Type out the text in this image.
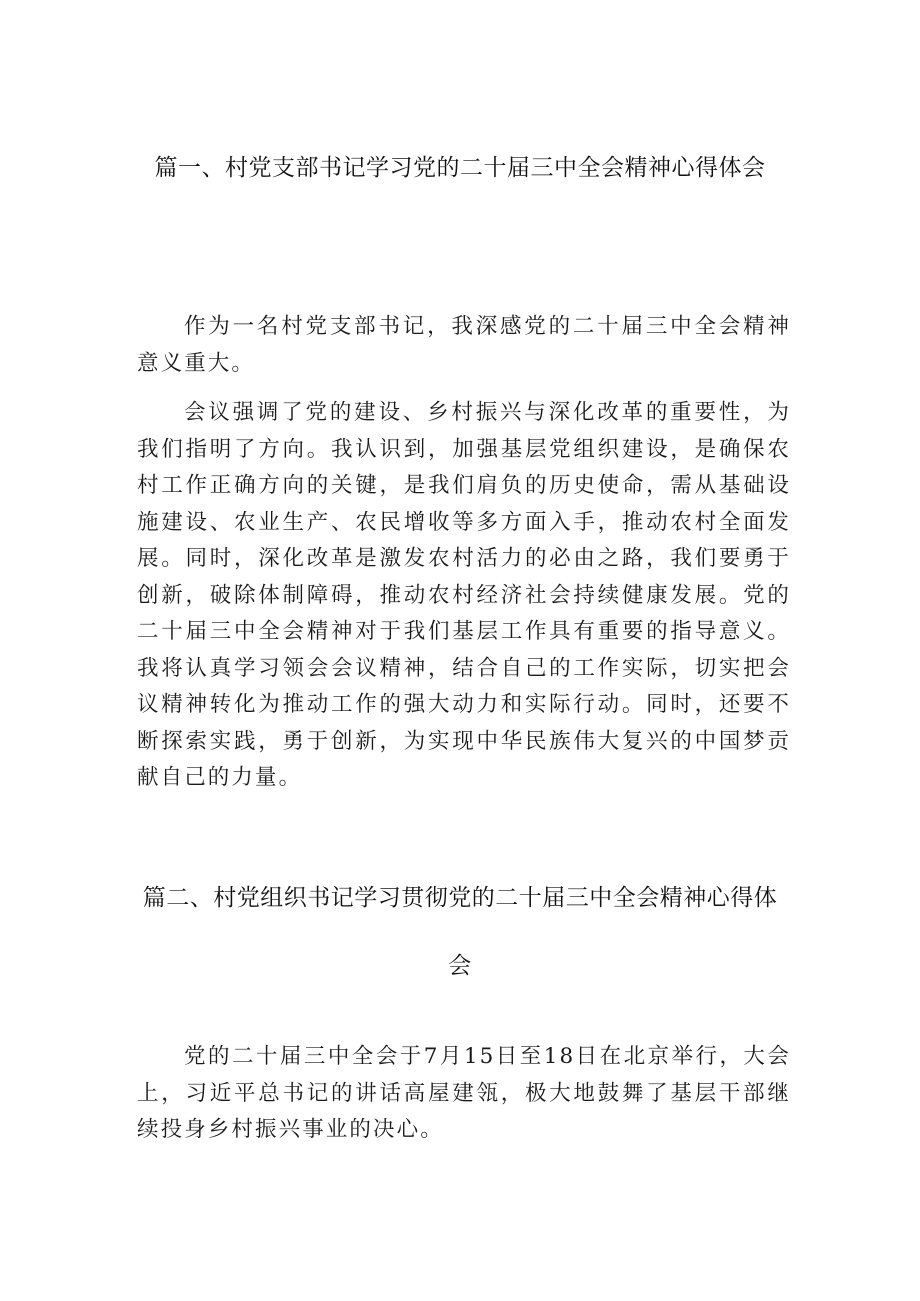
篇一、村党支部书记学习党的二十届三中全会精神心得体会

作为一名村党支部书记，我深感党的二十届三中全会精神意义重大。

会议强调了党的建设、乡村振兴与深化改革的重要性，为我们指明了方向。我认识到，加强基层党组织建设，是确保农村工作正确方向的关键，是我们肩负的历史使命，需从基础设施建设、农业生产、农民增收等多方面入手，推动农村全面发展。同时，深化改革是激发农村活力的必由之路，我们要勇于创新，破除体制障碍，推动农村经济社会持续健康发展。党的二十届三中全会精神对于我们基层工作具有重要的指导意义。我将认真学习领会会议精神，结合自己的工作实际，切实把会议精神转化为推动工作的强大动力和实际行动。同时，还要不断探索实践，勇于创新，为实现中华民族伟大复兴的中国梦贡献自己的力量。

篇二、村党组织书记学习贯彻党的二十届三中全会精神心得体会

党的二十届三中全会于7月15日至18日在北京举行，大会上，习近平总书记的讲话高屋建瓴，极大地鼓舞了基层干部继续投身乡村振兴事业的决心。
